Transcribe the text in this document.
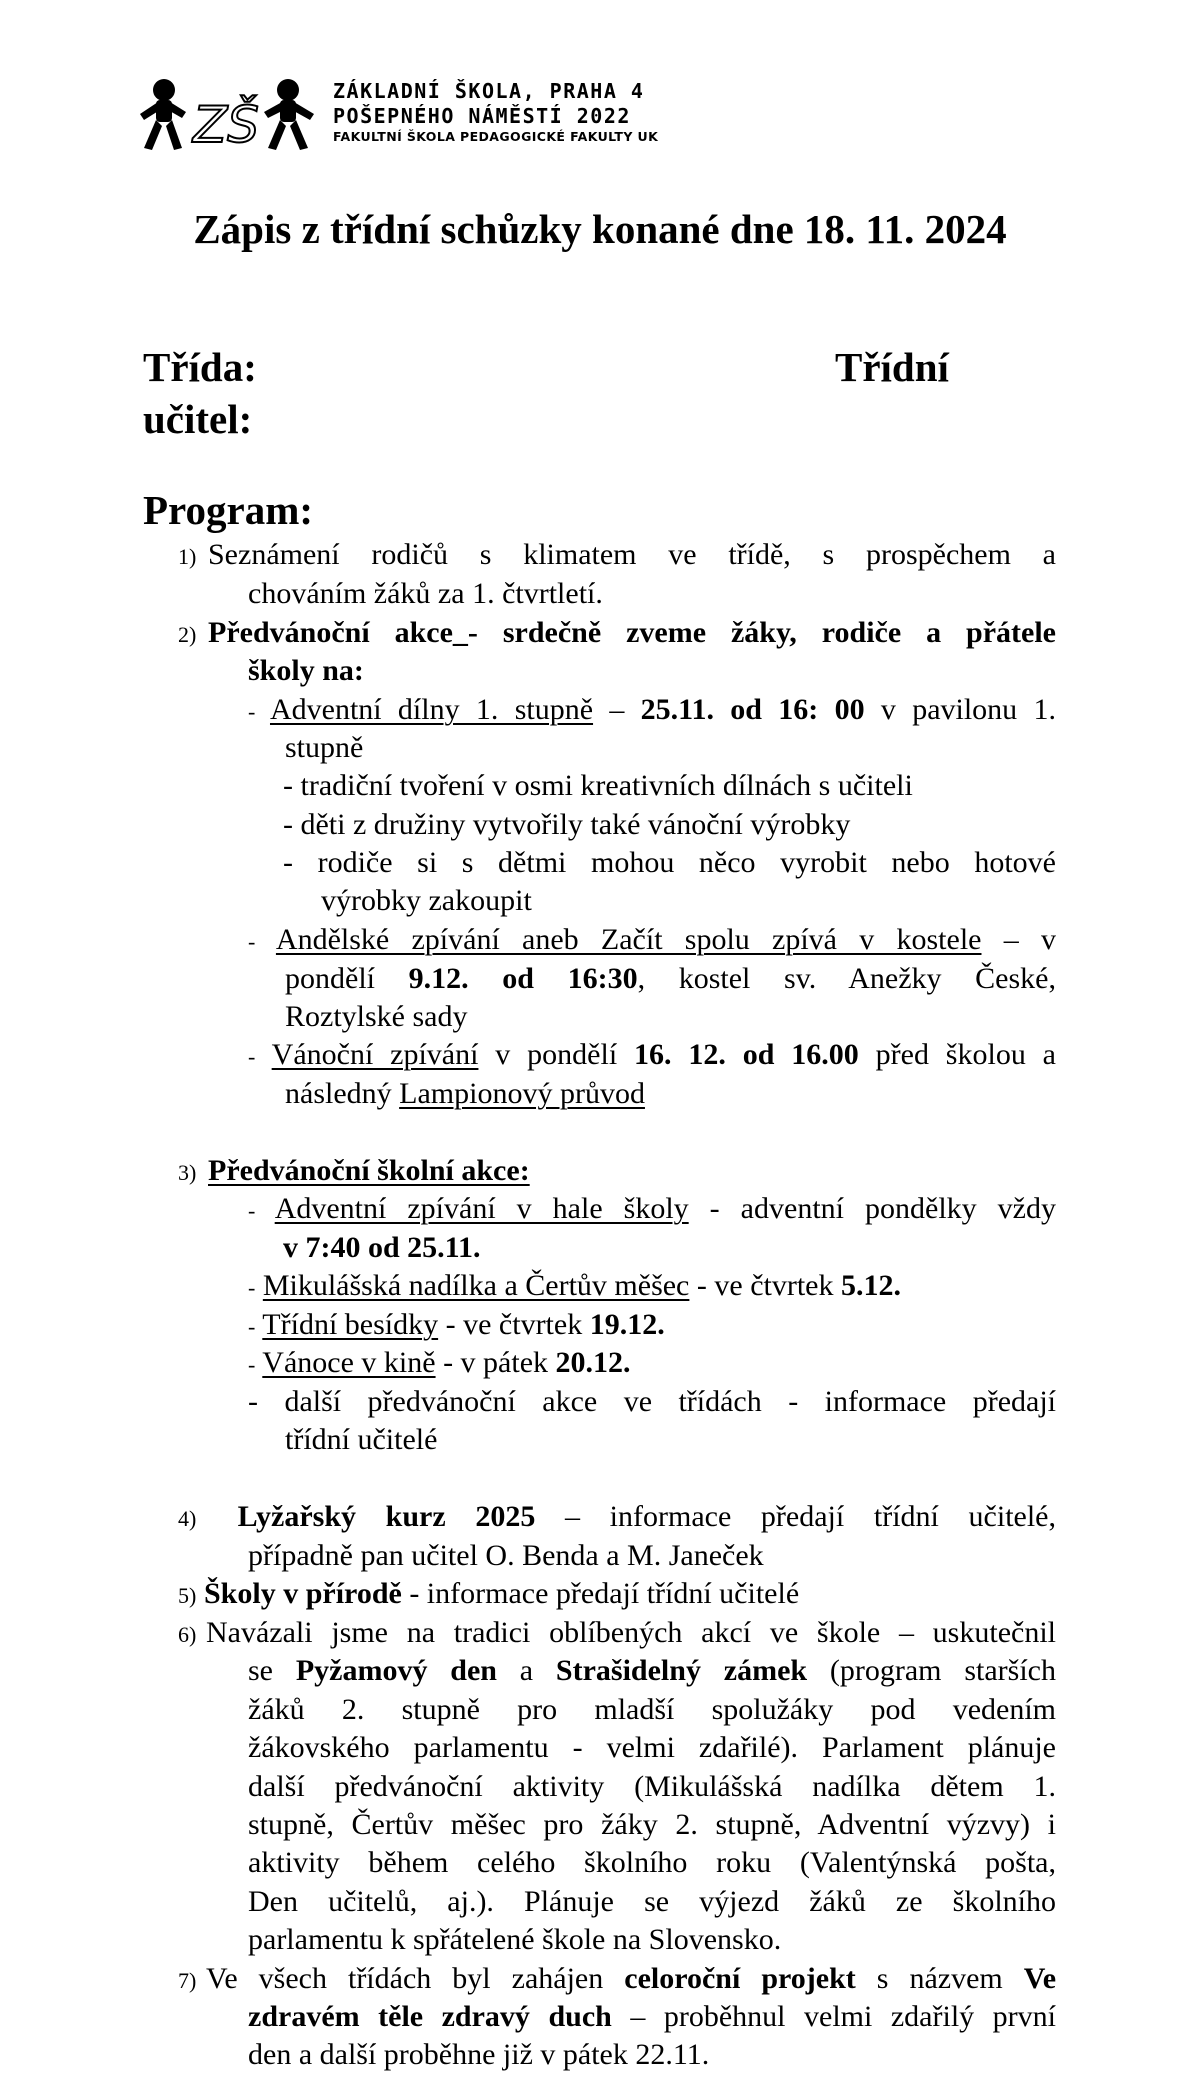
ZŠ
ZÁKLADNÍ ŠKOLA, PRAHA 4
POŠEPNÉHO NÁMĚSTÍ 2022
FAKULTNÍ ŠKOLA PEDAGOGICKÉ FAKULTY UK
Zápis z třídní schůzky konané dne 18. 11. 2024
Třída:	Třídní
učitel:
Program:
1) Seznámení rodičů s klimatem ve třídě, s prospěchem a
chováním žáků za 1. čtvrtletí.
2) Předvánoční akce_- srdečně zveme žáky, rodiče a přátele
školy na:
- Adventní dílny 1. stupně – 25.11. od 16: 00 v pavilonu 1.
stupně
- tradiční tvoření v osmi kreativních dílnách s učiteli
- děti z družiny vytvořily také vánoční výrobky
- rodiče si s dětmi mohou něco vyrobit nebo hotové
výrobky zakoupit
- Andělské zpívání aneb Začít spolu zpívá v kostele – v
pondělí 9.12. od 16:30, kostel sv. Anežky České,
Roztylské sady
- Vánoční zpívání v pondělí 16. 12. od 16.00 před školou a
následný Lampionový průvod
3) Předvánoční školní akce:
- Adventní zpívání v hale školy - adventní pondělky vždy
v 7:40 od 25.11.
- Mikulášská nadílka a Čertův měšec - ve čtvrtek 5.12.
- Třídní besídky - ve čtvrtek 19.12.
- Vánoce v kině - v pátek 20.12.
- další předvánoční akce ve třídách - informace předají
třídní učitelé
4) Lyžařský kurz 2025 – informace předají třídní učitelé,
případně pan učitel O. Benda a M. Janeček
5) Školy v přírodě - informace předají třídní učitelé
6) Navázali jsme na tradici oblíbených akcí ve škole – uskutečnil
se Pyžamový den a Strašidelný zámek (program starších
žáků 2. stupně pro mladší spolužáky pod vedením
žákovského parlamentu - velmi zdařilé). Parlament plánuje
další předvánoční aktivity (Mikulášská nadílka dětem 1.
stupně, Čertův měšec pro žáky 2. stupně, Adventní výzvy) i
aktivity během celého školního roku (Valentýnská pošta,
Den učitelů, aj.). Plánuje se výjezd žáků ze školního
parlamentu k spřátelené škole na Slovensko.
7) Ve všech třídách byl zahájen celoroční projekt s názvem Ve
zdravém těle zdravý duch – proběhnul velmi zdařilý první
den a další proběhne již v pátek 22.11.
